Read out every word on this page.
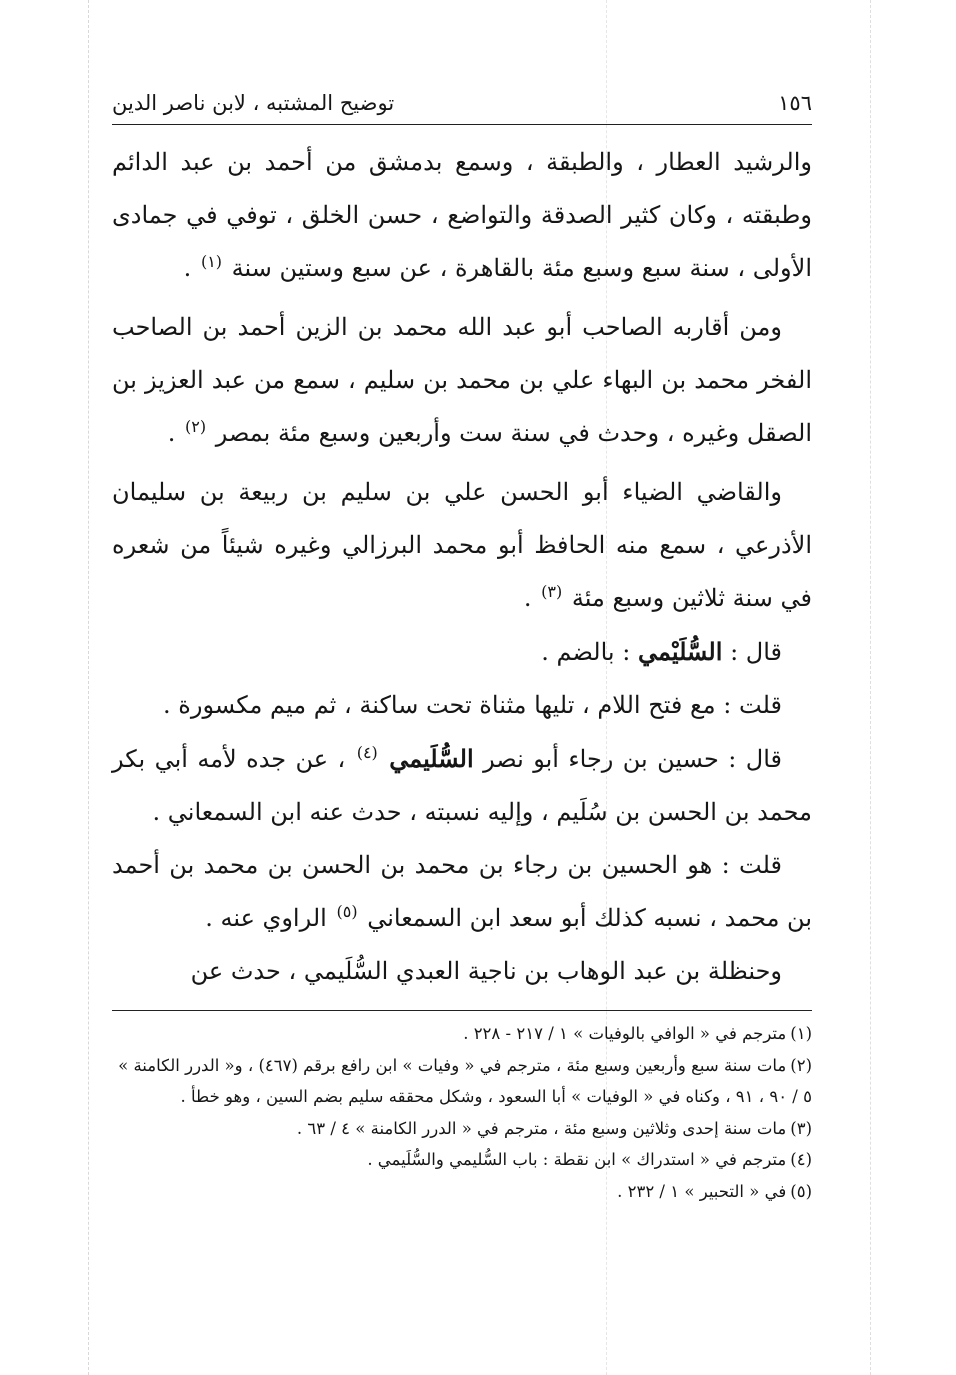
١٥٦
توضيح المشتبه ، لابن ناصر الدين

والرشيد العطار ، والطبقة ، وسمع بدمشق من أحمد بن عبد الدائم وطبقته ، وكان كثير الصدقة والتواضع ، حسن الخلق ، توفي في جمادى الأولى ، سنة سبع وسبع مئة بالقاهرة ، عن سبع وستين سنة $^{(١)}$ .

ومن أقاربه الصاحب أبو عبد الله محمد بن الزين أحمد بن الصاحب الفخر محمد بن البهاء علي بن محمد بن سليم ، سمع من عبد العزيز بن الصقل وغيره ، وحدث في سنة ست وأربعين وسبع مئة بمصر $^{(٢)}$ .

والقاضي الضياء أبو الحسن علي بن سليم بن ربيعة بن سليمان الأذرعي ، سمع منه الحافظ أبو محمد البرزالي وغيره شيئاً من شعره في سنة ثلاثين وسبع مئة $^{(٣)}$ .

قال : السُّلَيْمي : بالضم .

قلت : مع فتح اللام ، تليها مثناة تحت ساكنة ، ثم ميم مكسورة .

قال : حسين بن رجاء أبو نصر السُّلَيمي $^{(٤)}$ ، عن جده لأمه أبي بكر محمد بن الحسن بن سُلَيم ، وإليه نسبته ، حدث عنه ابن السمعاني .

قلت : هو الحسين بن رجاء بن محمد بن الحسن بن محمد بن أحمد بن محمد ، نسبه كذلك أبو سعد ابن السمعاني $^{(٥)}$ الراوي عنه .

وحنظلة بن عبد الوهاب بن ناجية العبدي السُّلَيمي ، حدث عن

(١)مترجم في « الوافي بالوفيات » ١ / ٢١٧ - ٢٢٨ .

(٢)مات سنة سبع وأربعين وسبع مئة ، مترجم في « وفيات » ابن رافع برقم (٤٦٧) ، و« الدرر الكامنة » ٥ / ٩٠ ، ٩١ ، وكناه في « الوفيات » أبا السعود ، وشكل محققه سليم بضم السين ، وهو خطأ .

(٣)مات سنة إحدى وثلاثين وسبع مئة ، مترجم في « الدرر الكامنة » ٤ / ٦٣ .

(٤)مترجم في « استدراك » ابن نقطة : باب السُّليمي والسُّلَيمي .

(٥)في « التحبير » ١ / ٢٣٢ .
